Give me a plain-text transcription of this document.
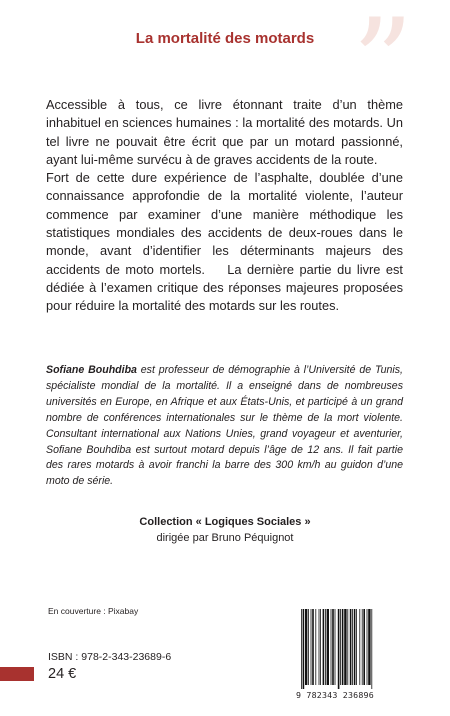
”
La mortalité des motards

Accessible à tous, ce livre étonnant traite d’un thème inhabituel en sciences humaines : la mortalité des motards. Un tel livre ne pouvait être écrit que par un motard passionné, ayant lui-même survécu à de graves accidents de la route.

Fort de cette dure expérience de l’asphalte, doublée d’une connaissance approfondie de la mortalité violente, l’auteur commence par examiner d’une manière méthodique les statistiques mondiales des accidents de deux-roues dans le monde, avant d’identifier les déterminants majeurs des accidents de moto mortels.    La dernière partie du livre est dédiée à l’examen critique des réponses majeures proposées pour réduire la mortalité des motards sur les routes.

Sofiane Bouhdiba est professeur de démographie à l’Université de Tunis, spécialiste mondial de la mortalité. Il a enseigné dans de nombreuses universités en Europe, en Afrique et aux États-Unis, et participé à un grand nombre de conférences internationales sur le thème de la mort violente. Consultant international aux Nations Unies, grand voyageur et aventurier, Sofiane Bouhdiba est surtout motard depuis l’âge de 12 ans. Il fait partie des rares motards à avoir franchi la barre des 300 km/h au guidon d’une moto de série.
Collection « Logiques Sociales »
dirigée par Bruno Péquignot
En couverture : Pixabay
ISBN : 978-2-343-23689-6
24 €
9 782343 236896
